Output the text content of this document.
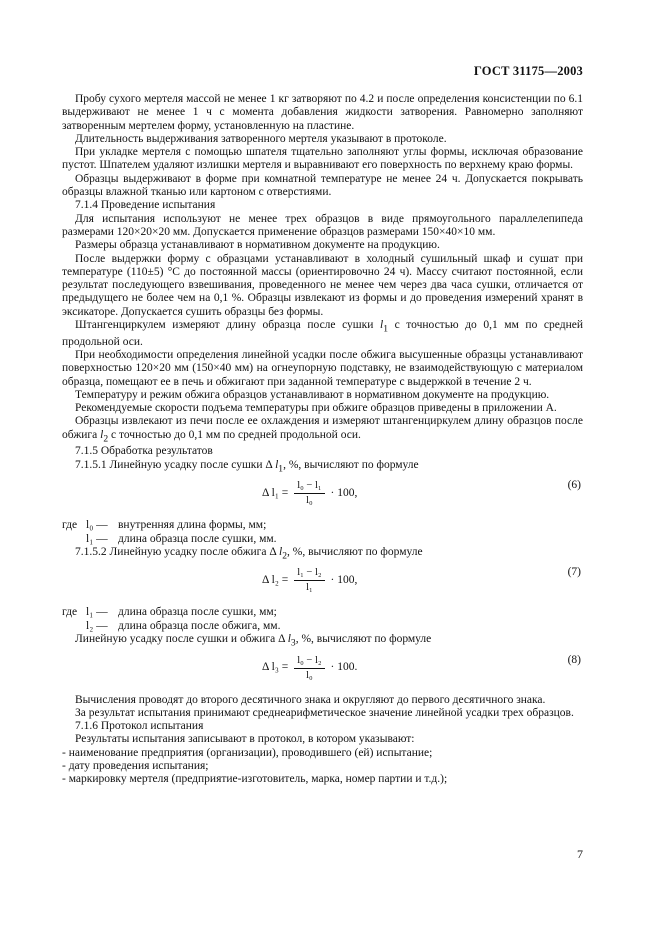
ГОСТ 31175—2003

Пробу сухого мертеля массой не менее 1 кг затворяют по 4.2 и после определения консистенции по 6.1 выдерживают не менее 1 ч с момента добавления жидкости затворения. Равномерно заполняют затворенным мертелем форму, установленную на пластине.

Длительность выдерживания затворенного мертеля указывают в протоколе.

При укладке мертеля с помощью шпателя тщательно заполняют углы формы, исключая образование пустот. Шпателем удаляют излишки мертеля и выравнивают его поверхность по верхнему краю формы.

Образцы выдерживают в форме при комнатной температуре не менее 24 ч. Допускается покрывать образцы влажной тканью или картоном с отверстиями.

7.1.4 Проведение испытания

Для испытания используют не менее трех образцов в виде прямоугольного параллелепипеда размерами 120×20×20 мм. Допускается применение образцов размерами 150×40×10 мм.

Размеры образца устанавливают в нормативном документе на продукцию.

После выдержки форму с образцами устанавливают в холодный сушильный шкаф и сушат при температуре (110±5) °С до постоянной массы (ориентировочно 24 ч). Массу считают постоянной, если результат последующего взвешивания, проведенного не менее чем через два часа сушки, отличается от предыдущего не более чем на 0,1 %. Образцы извлекают из формы и до проведения измерений хранят в эксикаторе. Допускается сушить образцы без формы.

Штангенциркулем измеряют длину образца после сушки $l_1$ с точностью до 0,1 мм по средней продольной оси.

При необходимости определения линейной усадки после обжига высушенные образцы устанавливают поверхностью 120×20 мм (150×40 мм) на огнеупорную подставку, не взаимодействующую с материалом образца, помещают ее в печь и обжигают при заданной температуре с выдержкой в течение 2 ч.

Температуру и режим обжига образцов устанавливают в нормативном документе на продукцию.

Рекомендуемые скорости подъема температуры при обжиге образцов приведены в приложении А.

Образцы извлекают из печи после ее охлаждения и измеряют штангенциркулем длину образцов после обжига $l_2$ с точностью до 0,1 мм по средней продольной оси.

7.1.5 Обработка результатов

7.1.5.1 Линейную усадку после сушки Δ $l_1$, %, вычисляют по формуле

Δ $l_1 = \frac{\text{l₀ − l₁}}{\text{l₀}} \cdot 100$,
(6)
где l₀ — внутренняя длина формы, мм;
l₁ — длина образца после сушки, мм.

7.1.5.2 Линейную усадку после обжига Δ $l_2$, %, вычисляют по формуле

Δ $l_2 = \frac{\text{l₁ − l₂}}{\text{l₁}} \cdot 100$,
(7)
где l₁ — длина образца после сушки, мм;
l₂ — длина образца после обжига, мм.

Линейную усадку после сушки и обжига Δ $l_3$, %, вычисляют по формуле

Δ $l_3 = \frac{\text{l₀ − l₂}}{\text{l₀}} \cdot 100$.
(8)

Вычисления проводят до второго десятичного знака и округляют до первого десятичного знака.

За результат испытания принимают среднеарифметическое значение линейной усадки трех образцов.

7.1.6 Протокол испытания

Результаты испытания записывают в протокол, в котором указывают:

- наименование предприятия (организации), проводившего (ей) испытание;

- дату проведения испытания;

- маркировку мертеля (предприятие-изготовитель, марка, номер партии и т.д.);

7
